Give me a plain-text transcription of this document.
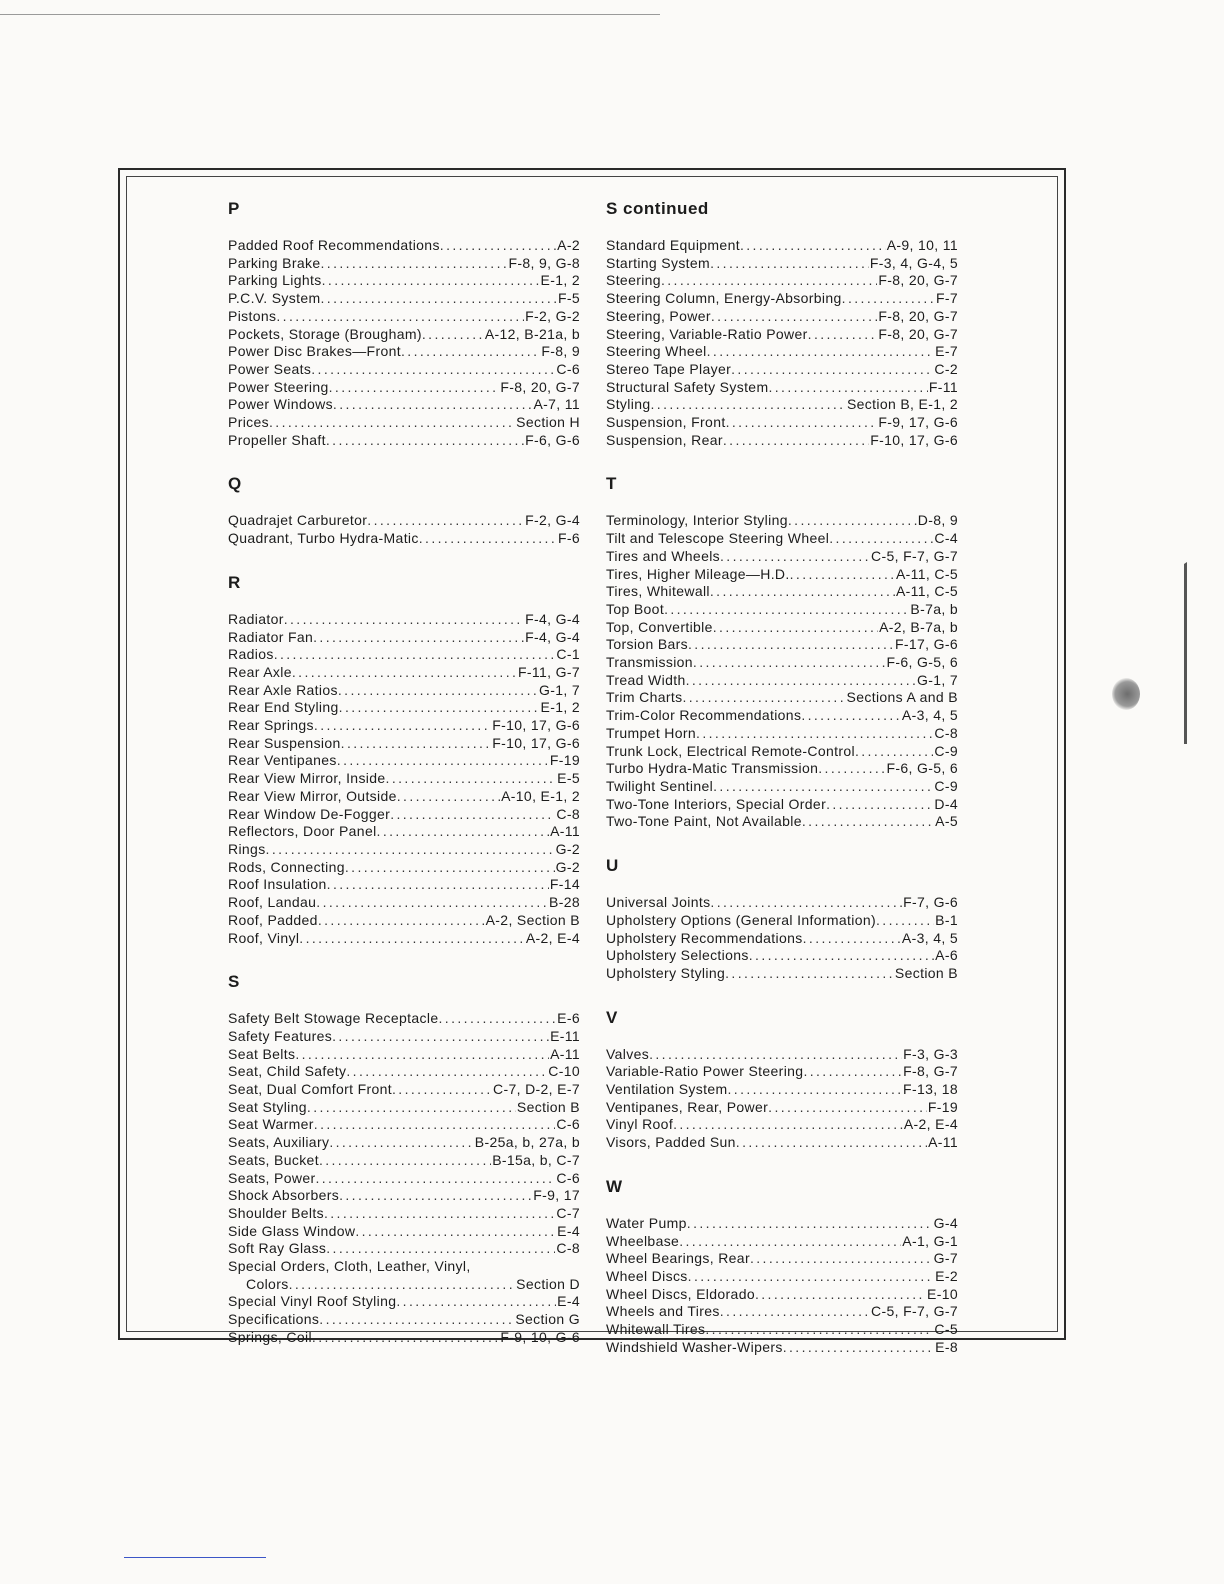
P
Padded Roof Recommendations .....	A-2
Parking Brake .....	F-8, 9, G-8
Parking Lights .....	E-1, 2
P.C.V. System .....	F-5
Pistons .....	F-2, G-2
Pockets, Storage (Brougham) .....	A-12, B-21a, b
Power Disc Brakes—Front .....	F-8, 9
Power Seats .....	C-6
Power Steering .....	F-8, 20, G-7
Power Windows .....	A-7, 11
Prices .....	Section H
Propeller Shaft .....	F-6, G-6
Q
Quadrajet Carburetor .....	F-2, G-4
Quadrant, Turbo Hydra-Matic .....	F-6
R
Radiator .....	F-4, G-4
Radiator Fan .....	F-4, G-4
Radios .....	C-1
Rear Axle .....	F-11, G-7
Rear Axle Ratios .....	G-1, 7
Rear End Styling .....	E-1, 2
Rear Springs .....	F-10, 17, G-6
Rear Suspension .....	F-10, 17, G-6
Rear Ventipanes .....	F-19
Rear View Mirror, Inside .....	E-5
Rear View Mirror, Outside .....	A-10, E-1, 2
Rear Window De-Fogger .....	C-8
Reflectors, Door Panel .....	A-11
Rings .....	G-2
Rods, Connecting .....	G-2
Roof Insulation .....	F-14
Roof, Landau .....	B-28
Roof, Padded .....	A-2, Section B
Roof, Vinyl .....	A-2, E-4
S
Safety Belt Stowage Receptacle .....	E-6
Safety Features .....	E-11
Seat Belts .....	A-11
Seat, Child Safety .....	C-10
Seat, Dual Comfort Front .....	C-7, D-2, E-7
Seat Styling .....	Section B
Seat Warmer .....	C-6
Seats, Auxiliary .....	B-25a, b, 27a, b
Seats, Bucket .....	B-15a, b, C-7
Seats, Power .....	C-6
Shock Absorbers .....	F-9, 17
Shoulder Belts .....	C-7
Side Glass Window .....	E-4
Soft Ray Glass .....	C-8
Special Orders, Cloth, Leather, Vinyl,
Colors .....	Section D
Special Vinyl Roof Styling .....	E-4
Specifications .....	Section G
Springs, Coil .....	F-9, 10, G-6
S continued
Standard Equipment .....	A-9, 10, 11
Starting System .....	F-3, 4, G-4, 5
Steering .....	F-8, 20, G-7
Steering Column, Energy-Absorbing .....	F-7
Steering, Power .....	F-8, 20, G-7
Steering, Variable-Ratio Power .....	F-8, 20, G-7
Steering Wheel .....	E-7
Stereo Tape Player .....	C-2
Structural Safety System .....	F-11
Styling .....	Section B, E-1, 2
Suspension, Front .....	F-9, 17, G-6
Suspension, Rear .....	F-10, 17, G-6
T
Terminology, Interior Styling .....	D-8, 9
Tilt and Telescope Steering Wheel .....	C-4
Tires and Wheels .....	C-5, F-7, G-7
Tires, Higher Mileage—H.D. .....	A-11, C-5
Tires, Whitewall .....	A-11, C-5
Top Boot .....	B-7a, b
Top, Convertible .....	A-2, B-7a, b
Torsion Bars .....	F-17, G-6
Transmission .....	F-6, G-5, 6
Tread Width .....	G-1, 7
Trim Charts .....	Sections A and B
Trim-Color Recommendations .....	A-3, 4, 5
Trumpet Horn .....	C-8
Trunk Lock, Electrical Remote-Control .....	C-9
Turbo Hydra-Matic Transmission .....	F-6, G-5, 6
Twilight Sentinel .....	C-9
Two-Tone Interiors, Special Order .....	D-4
Two-Tone Paint, Not Available .....	A-5
U
Universal Joints .....	F-7, G-6
Upholstery Options (General Information) .....	B-1
Upholstery Recommendations .....	A-3, 4, 5
Upholstery Selections .....	A-6
Upholstery Styling .....	Section B
V
Valves .....	F-3, G-3
Variable-Ratio Power Steering .....	F-8, G-7
Ventilation System .....	F-13, 18
Ventipanes, Rear, Power .....	F-19
Vinyl Roof .....	A-2, E-4
Visors, Padded Sun .....	A-11
W
Water Pump .....	G-4
Wheelbase .....	A-1, G-1
Wheel Bearings, Rear .....	G-7
Wheel Discs .....	E-2
Wheel Discs, Eldorado .....	E-10
Wheels and Tires .....	C-5, F-7, G-7
Whitewall Tires .....	C-5
Windshield Washer-Wipers .....	E-8
